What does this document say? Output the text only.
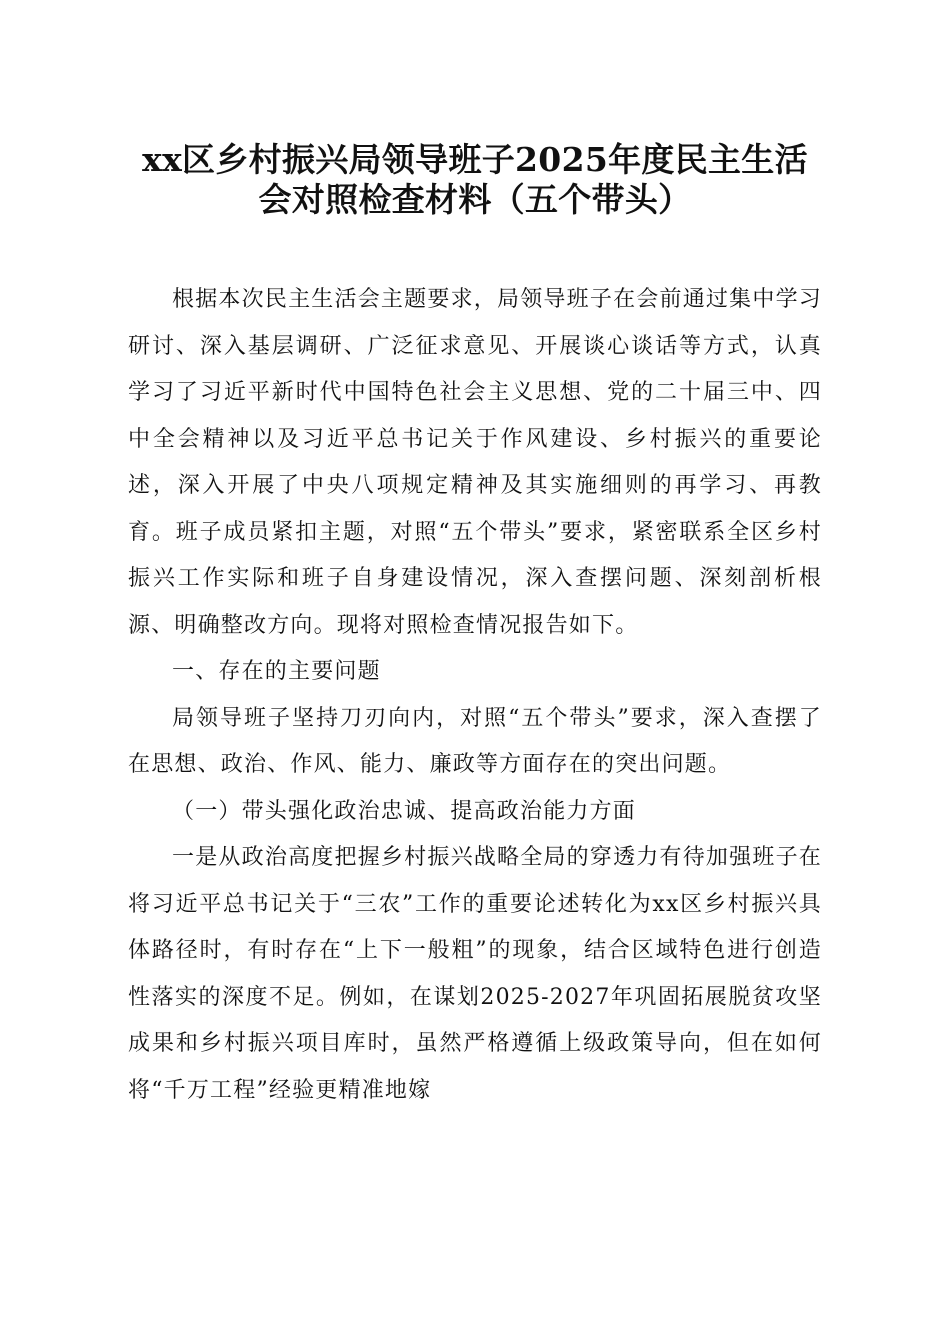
xx区乡村振兴局领导班子2025年度民主生活
会对照检查材料（五个带头）

根据本次民主生活会主题要求，局领导班子在会前通过集中学习研讨、深入基层调研、广泛征求意见、开展谈心谈话等方式，认真学习了习近平新时代中国特色社会主义思想、党的二十届三中、四中全会精神以及习近平总书记关于作风建设、乡村振兴的重要论述，深入开展了中央八项规定精神及其实施细则的再学习、再教育。班子成员紧扣主题，对照“五个带头”要求，紧密联系全区乡村振兴工作实际和班子自身建设情况，深入查摆问题、深刻剖析根源、明确整改方向。现将对照检查情况报告如下。

一、存在的主要问题

局领导班子坚持刀刃向内，对照“五个带头”要求，深入查摆了在思想、政治、作风、能力、廉政等方面存在的突出问题。

（一）带头强化政治忠诚、提高政治能力方面

一是从政治高度把握乡村振兴战略全局的穿透力有待加强班子在将习近平总书记关于“三农”工作的重要论述转化为xx区乡村振兴具体路径时，有时存在“上下一般粗”的现象，结合区域特色进行创造性落实的深度不足。例如，在谋划2025-2027年巩固拓展脱贫攻坚成果和乡村振兴项目库时，虽然严格遵循上级政策导向，但在如何将“千万工程”经验更精准地嫁
